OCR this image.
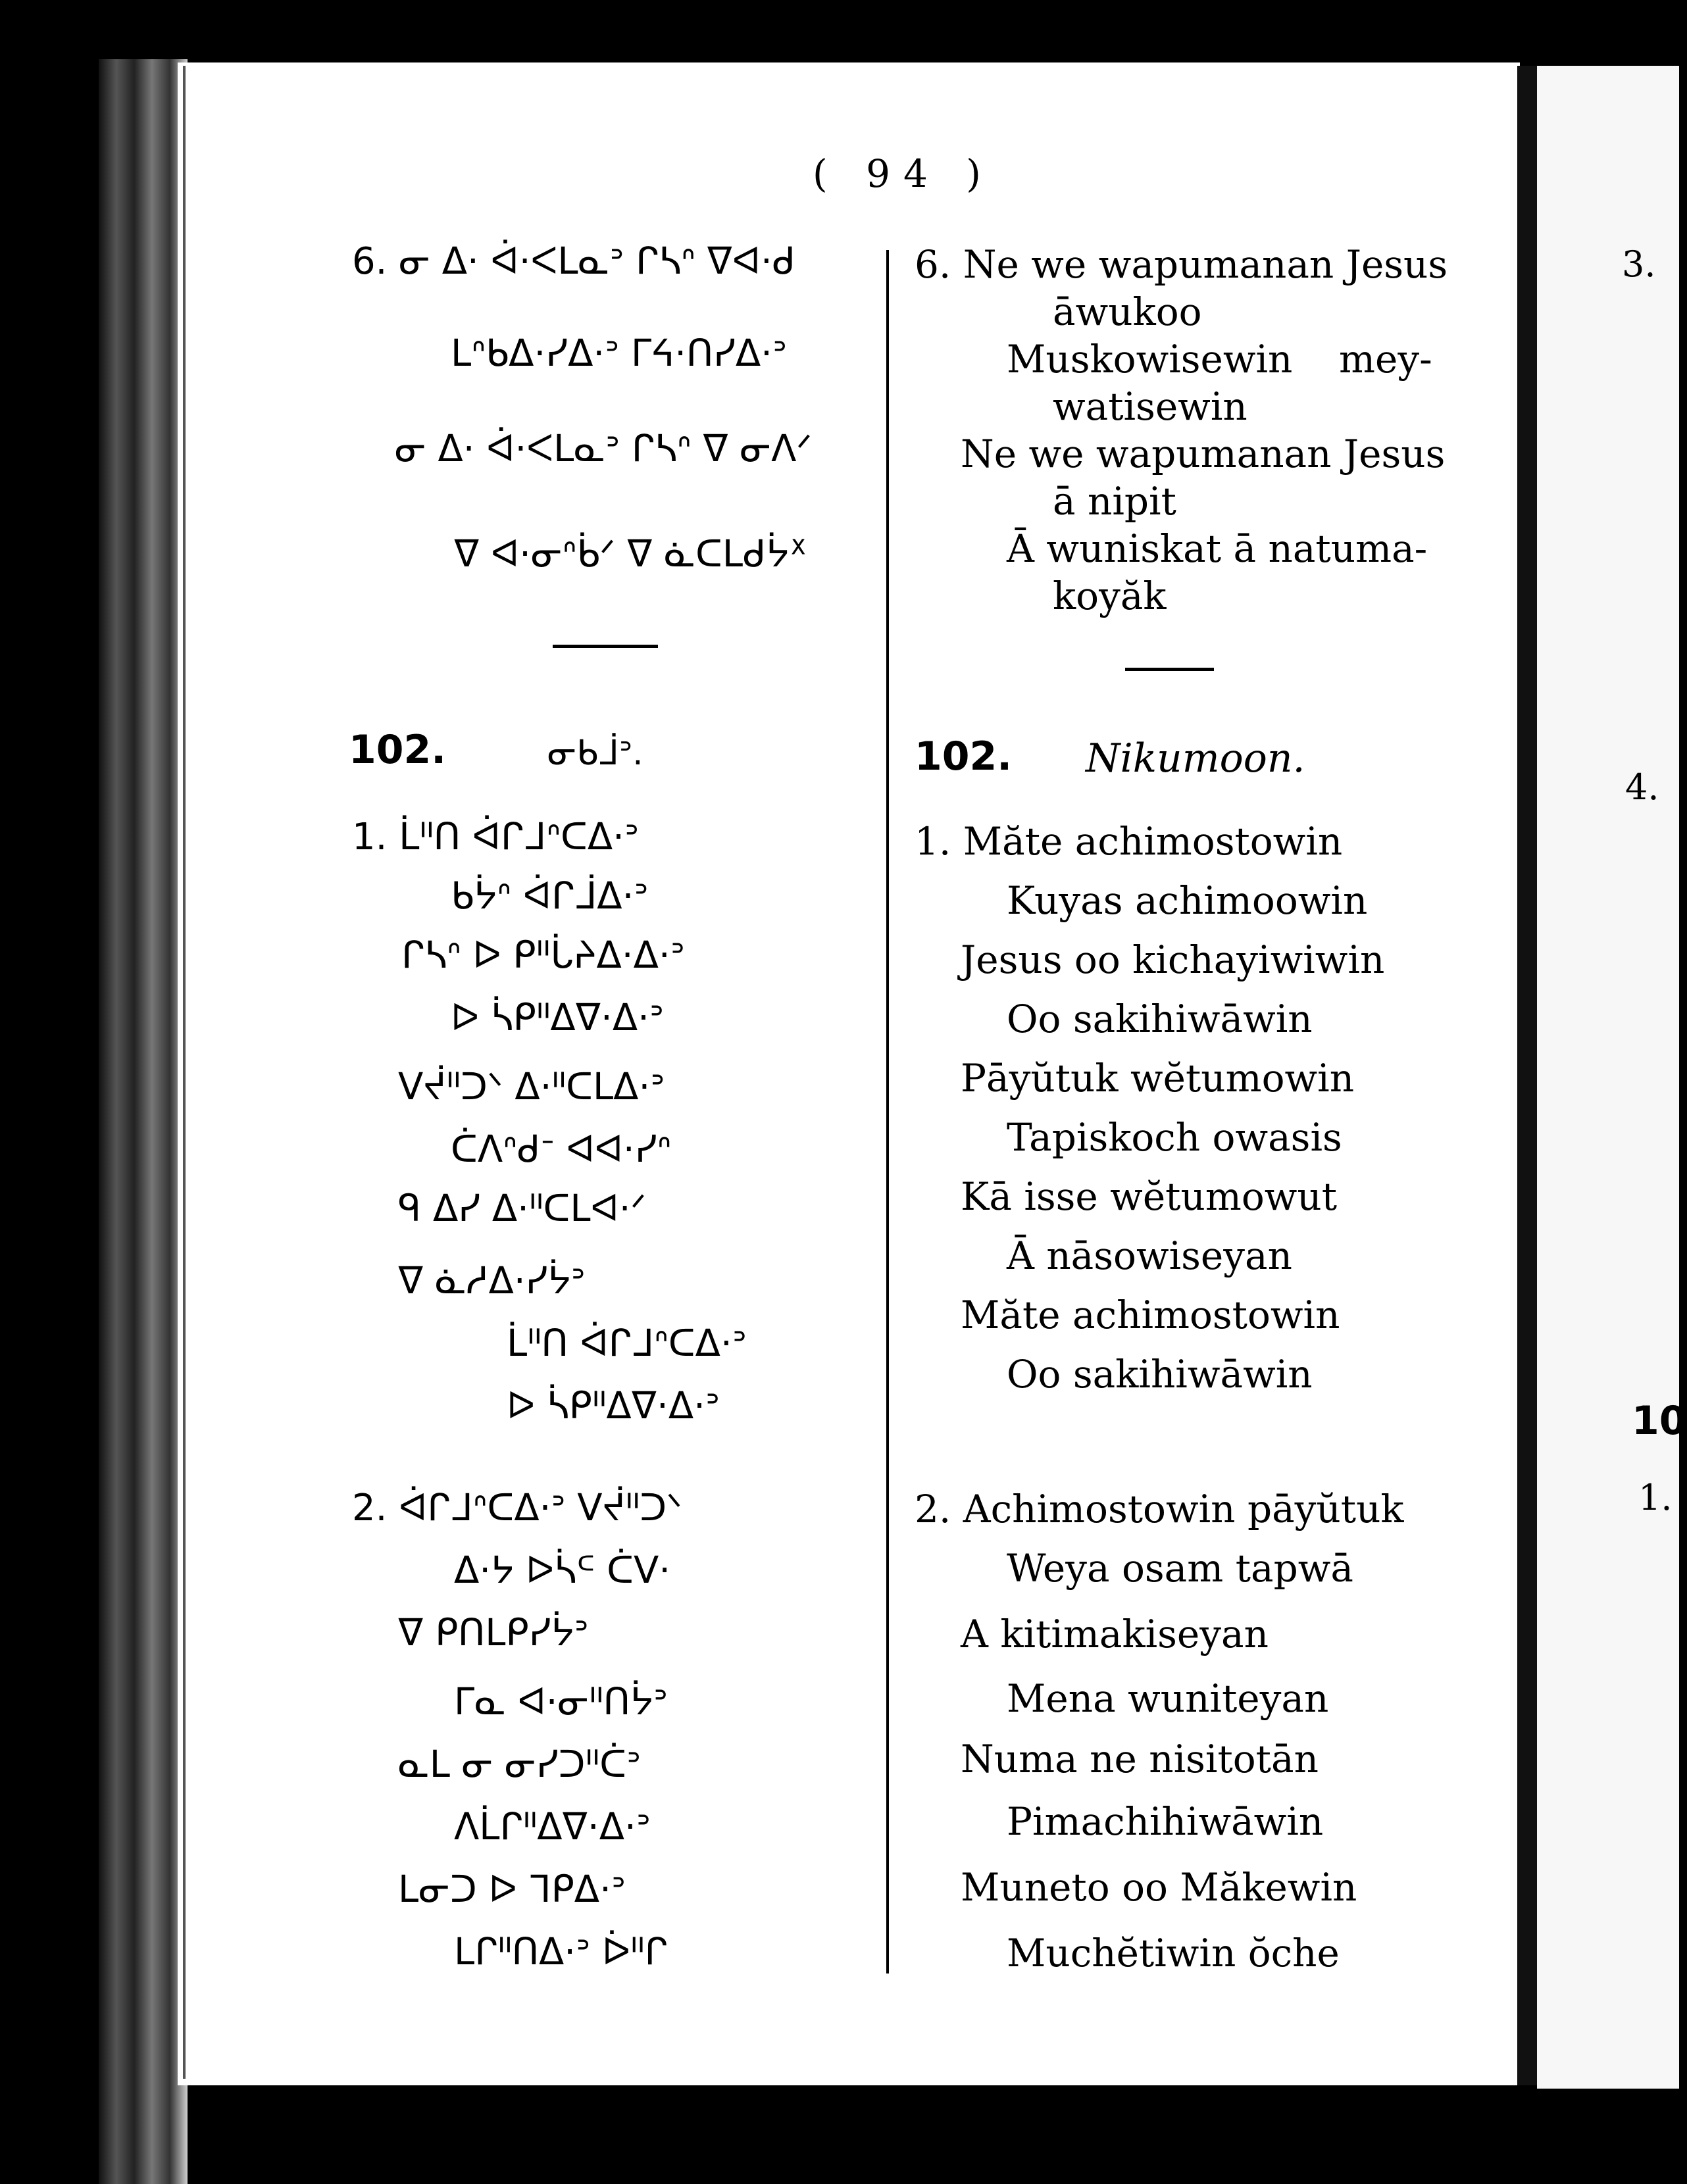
( 94 )
6. ᓂ ᐃ· ᐋ·ᐸᒪᓇᐣ ᒋᓴᐢ ᐁᐊ·ᑯ
ᒪᐢᑲᐃ·ᓯᐃ·ᐣ ᒥᔦ·ᑎᓯᐃ·ᐣ
ᓂ ᐃ· ᐋ·ᐸᒪᓇᐣ ᒋᓴᐢ ᐁ ᓂᐱᐟ
ᐁ ᐊ·ᓂᐢᑳᐟ ᐁ ᓈᑕᒪᑯᔮᕽ
102.	ᓂᑲᒨᐣ.
1. ᒫᐦᑎ ᐋᒋᒧᐢᑕᐃ·ᐣ
ᑲᔮᐢ ᐋᒋᒨᐃ·ᐣ
ᒋᓴᐢ ᐅ ᑭᐦᒑᔨᐃ·ᐃ·ᐣ
ᐅ ᓵᑭᐦᐃᐁ·ᐃ·ᐣ
ᐯᔫᐦᑐᐠ ᐃ·ᐦᑕᒪᐃ·ᐣ
ᑖᐱᐢᑯᐨ ᐊᐊ·ᓯᐢ
ᑫ ᐃᓯ ᐃ·ᐦᑕᒪᐊ·ᐟ
ᐁ ᓈᓱᐃ·ᓯᔮᐣ
ᒫᐦᑎ ᐋᒋᒧᐢᑕᐃ·ᐣ
ᐅ ᓵᑭᐦᐃᐁ·ᐃ·ᐣ
2. ᐋᒋᒧᐢᑕᐃ·ᐣ ᐯᔫᐦᑐᐠ
ᐃ·ᔭ ᐅᓵᒼ ᑖᐯ·
ᐁ ᑭᑎᒪᑭᓯᔮᐣ
ᒥᓇ ᐊ·ᓂᐦᑎᔮᐣ
ᓇᒪ ᓂ ᓂᓯᑐᐦᑖᐣ
ᐱᒫᒋᐦᐃᐁ·ᐃ·ᐣ
ᒪᓂᑐ ᐅ ᒣᑭᐃ·ᐣ
ᒪᒋᐦᑎᐃ·ᐣ ᐆᐦᒋ
6. Ne we wapumanan Jesus
āwukoo
Muskowisewin mey-
watisewin
Ne we wapumanan Jesus
ā nipit
Ā wuniskat ā natuma-
koyăk
102. Nikumoon.
1. Măte achimostowin
Kuyas achimoowin
Jesus oo kichayiwiwin
Oo sakihiwāwin
Pāyŭtuk wĕtumowin
Tapiskoch owasis
Kā isse wĕtumowut
Ā nāsowiseyan
Măte achimostowin
Oo sakihiwāwin
2. Achimostowin pāyŭtuk
Weya osam tapwā
A kitimakiseyan
Mena wuniteyan
Numa ne nisitotān
Pimachihiwāwin
Muneto oo Măkewin
Muchĕtiwin ŏche
3.
4.
10
1.
